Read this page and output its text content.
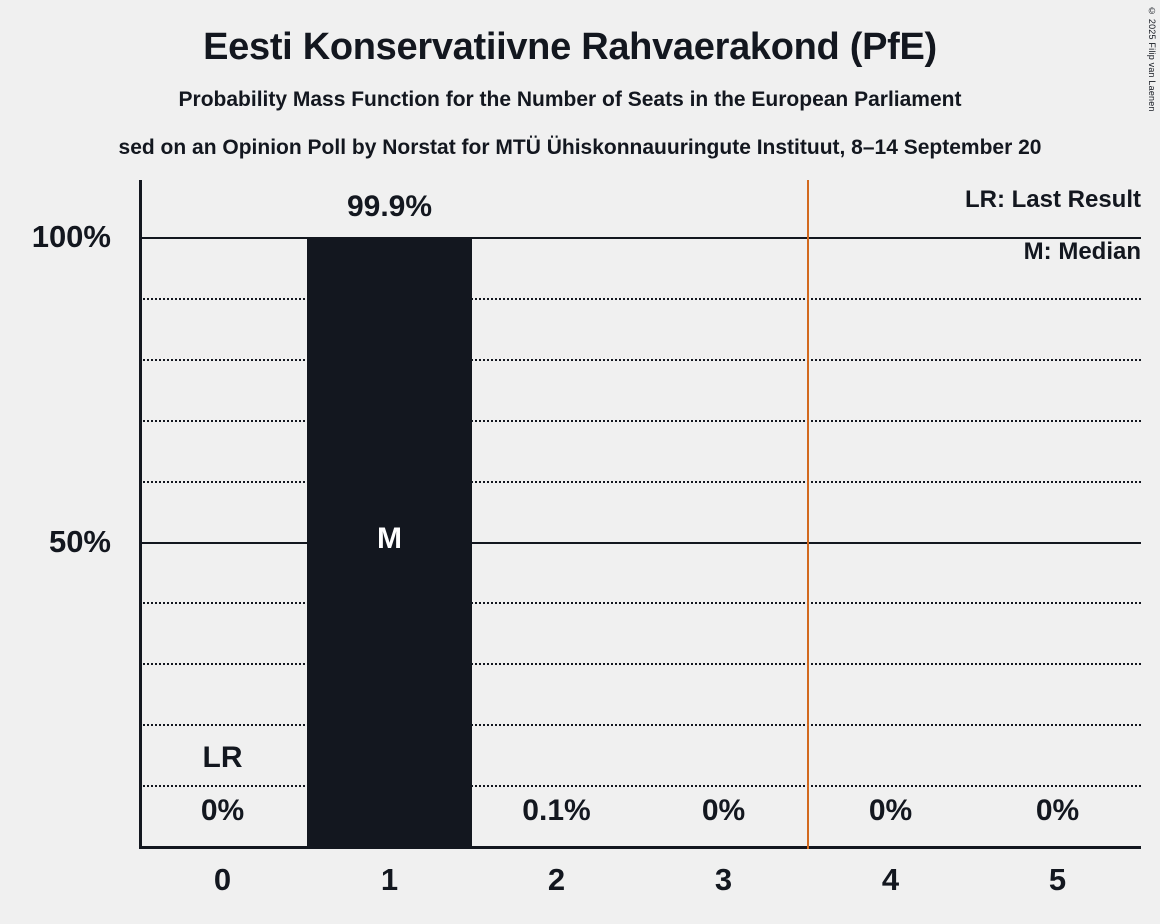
© 2025 Filip van Laenen
Eesti Konservatiivne Rahvaerakond (PfE)
Probability Mass Function for the Number of Seats in the European Parliament
sed on an Opinion Poll by Norstat for MTÜ Ühiskonnauuringute Instituut, 8–14 September 20
50%
100%
0%
LR
M
99.9%
0.1%	0%	0%	0%
LR: Last Result
M: Median
0	1	2	3	4	5
